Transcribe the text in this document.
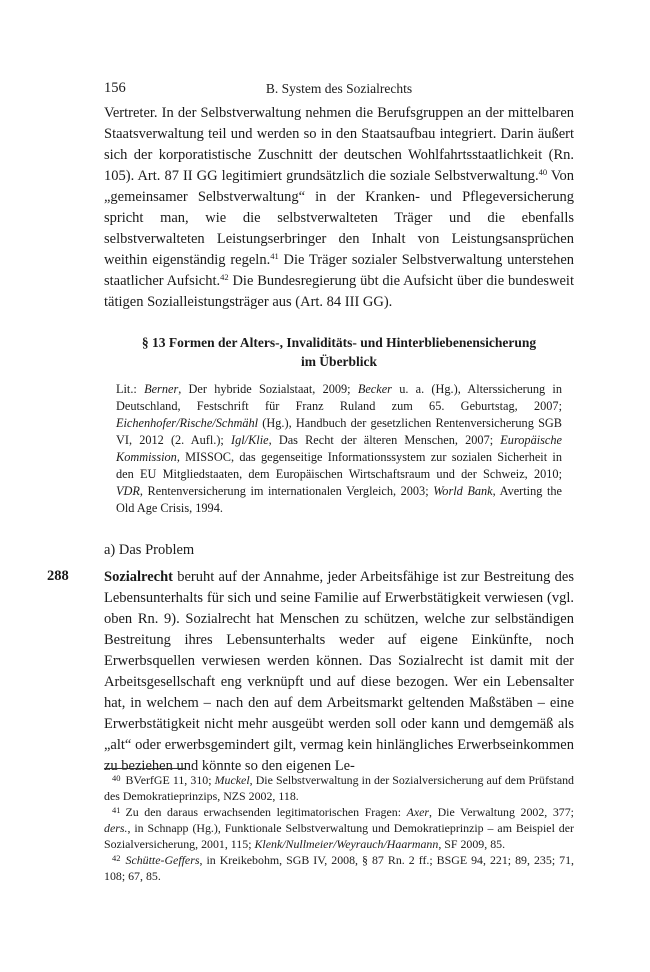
156	B. System des Sozialrechts

Vertreter. In der Selbstverwaltung nehmen die Berufsgruppen an der mittelbaren Staatsverwaltung teil und werden so in den Staatsaufbau integriert. Darin äußert sich der korporatistische Zuschnitt der deutschen Wohlfahrtsstaatlichkeit (Rn. 105). Art. 87 II GG legitimiert grundsätzlich die soziale Selbstverwaltung.$^{40}$ Von „gemeinsamer Selbstverwaltung“ in der Kranken- und Pflegeversicherung spricht man, wie die selbstverwalteten Träger und die ebenfalls selbstverwalteten Leistungserbringer den Inhalt von Leistungsansprüchen weithin eigenständig regeln.$^{41}$ Die Träger sozialer Selbstverwaltung unterstehen staatlicher Aufsicht.$^{42}$ Die Bundesregierung übt die Aufsicht über die bundesweit tätigen Sozialleistungsträger aus (Art. 84 III GG).

§ 13 Formen der Alters-, Invaliditäts- und Hinterbliebenensicherung
im Überblick
Lit.: Berner, Der hybride Sozialstaat, 2009; Becker u. a. (Hg.), Alterssicherung in Deutschland, Festschrift für Franz Ruland zum 65. Geburtstag, 2007; Eichenhofer/Rische/Schmähl (Hg.), Handbuch der gesetzlichen Rentenversicherung SGB VI, 2012 (2. Aufl.); Igl/Klie, Das Recht der älteren Menschen, 2007; Europäische Kommission, MISSOC, das gegenseitige Informationssystem zur sozialen Sicherheit in den EU Mitgliedstaaten, dem Europäischen Wirtschaftsraum und der Schweiz, 2010; VDR, Rentenversicherung im internationalen Vergleich, 2003; World Bank, Averting the Old Age Crisis, 1994.
a) Das Problem
288 Sozialrecht beruht auf der Annahme, jeder Arbeitsfähige ist zur Bestreitung des Lebensunterhalts für sich und seine Familie auf Erwerbstätigkeit verwiesen (vgl. oben Rn. 9). Sozialrecht hat Menschen zu schützen, welche zur selbständigen Bestreitung ihres Lebensunterhalts weder auf eigene Einkünfte, noch Erwerbsquellen verwiesen werden können. Das Sozialrecht ist damit mit der Arbeitsgesellschaft eng verknüpft und auf diese bezogen. Wer ein Lebensalter hat, in welchem – nach den auf dem Arbeitsmarkt geltenden Maßstäben – eine Erwerbstätigkeit nicht mehr ausgeübt werden soll oder kann und demgemäß als „alt“ oder erwerbsgemindert gilt, vermag kein hinlängliches Erwerbseinkommen zu beziehen und könnte so den eigenen Le-

40 BVerfGE 11, 310; Muckel, Die Selbstverwaltung in der Sozialversicherung auf dem Prüfstand des Demokratieprinzips, NZS 2002, 118.

41 Zu den daraus erwachsenden legitimatorischen Fragen: Axer, Die Verwaltung 2002, 377; ders., in Schnapp (Hg.), Funktionale Selbstverwaltung und Demokratieprinzip – am Beispiel der Sozialversicherung, 2001, 115; Klenk/Nullmeier/Weyrauch/Haarmann, SF 2009, 85.

42 Schütte-Geffers, in Kreikebohm, SGB IV, 2008, § 87 Rn. 2 ff.; BSGE 94, 221; 89, 235; 71, 108; 67, 85.
